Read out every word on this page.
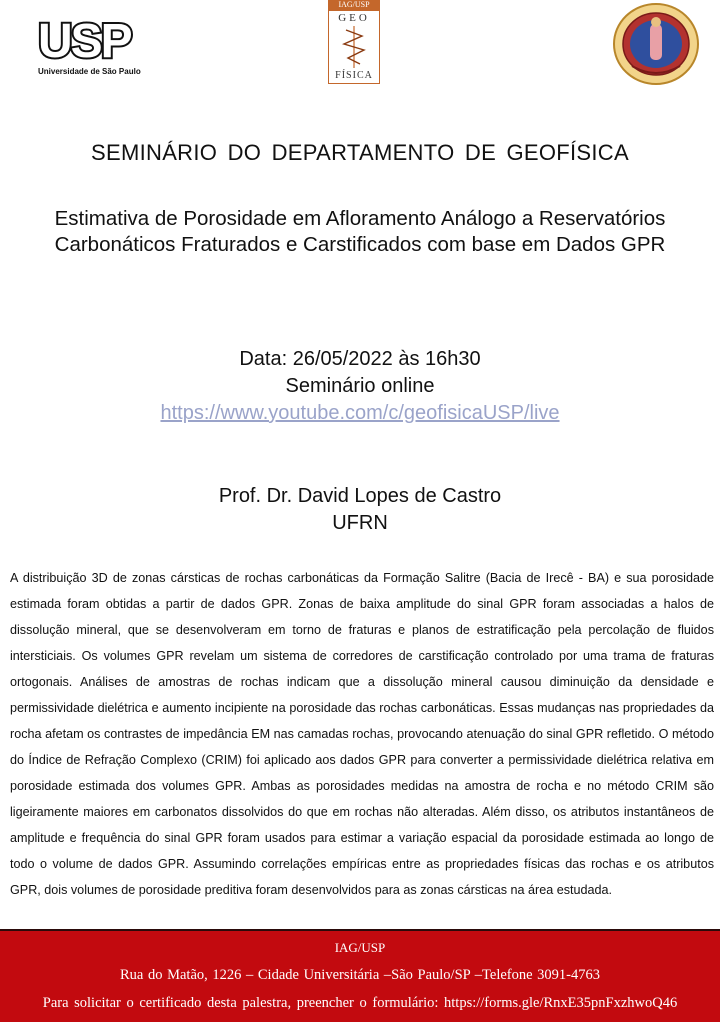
USP
Universidade de São Paulo
IAG/USP
GEO
FÍSICA
SEMINÁRIO DO DEPARTAMENTO DE GEOFÍSICA
Estimativa de Porosidade em Afloramento Análogo a Reservatórios
Carbonáticos Fraturados e Carstificados com base em Dados GPR
Data: 26/05/2022 às 16h30
Seminário online
https://www.youtube.com/c/geofisicaUSP/live
Prof. Dr. David Lopes de Castro
UFRN
A distribuição 3D de zonas cársticas de rochas carbonáticas da Formação Salitre (Bacia de Irecê - BA) e sua porosidade estimada foram obtidas a partir de dados GPR. Zonas de baixa amplitude do sinal GPR foram associadas a halos de dissolução mineral, que se desenvolveram em torno de fraturas e planos de estratificação pela percolação de fluidos intersticiais. Os volumes GPR revelam um sistema de corredores de carstificação controlado por uma trama de fraturas ortogonais. Análises de amostras de rochas indicam que a dissolução mineral causou diminuição da densidade e permissividade dielétrica e aumento incipiente na porosidade das rochas carbonáticas. Essas mudanças nas propriedades da rocha afetam os contrastes de impedância EM nas camadas rochas, provocando atenuação do sinal GPR refletido. O método do Índice de Refração Complexo (CRIM) foi aplicado aos dados GPR para converter a permissividade dielétrica relativa em porosidade estimada dos volumes GPR. Ambas as porosidades medidas na amostra de rocha e no método CRIM são ligeiramente maiores em carbonatos dissolvidos do que em rochas não alteradas. Além disso, os atributos instantâneos de amplitude e frequência do sinal GPR foram usados para estimar a variação espacial da porosidade estimada ao longo de todo o volume de dados GPR. Assumindo correlações empíricas entre as propriedades físicas das rochas e os atributos GPR, dois volumes de porosidade preditiva foram desenvolvidos para as zonas cársticas na área estudada.
IAG/USP
Rua do Matão, 1226 – Cidade Universitária –São Paulo/SP –Telefone 3091-4763
Para solicitar o certificado desta palestra, preencher o formulário: https://forms.gle/RnxE35pnFxzhwoQ46
